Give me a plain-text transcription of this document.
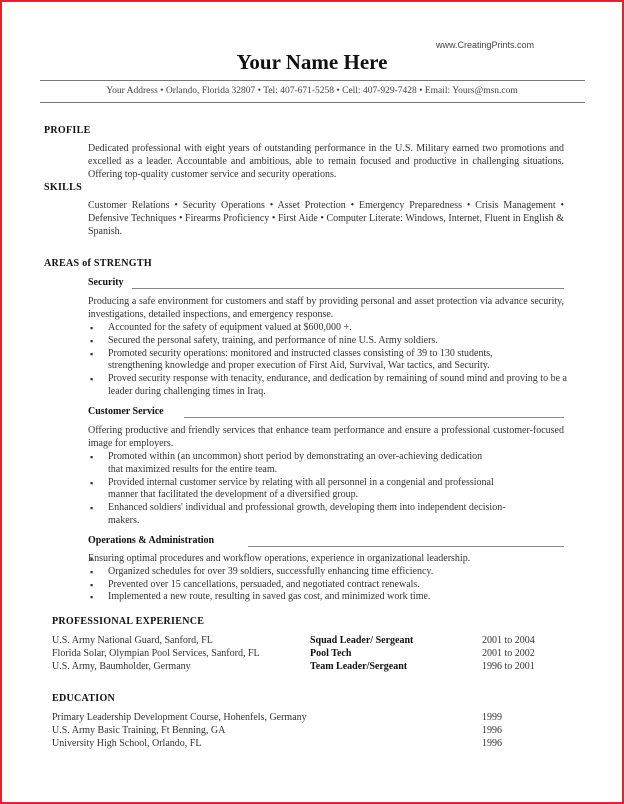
www.CreatingPrints.com
Your Name Here
Your Address • Orlando, Florida 32807 • Tel: 407-671-5258 • Cell: 407-929-7428 • Email: Yours@msn.com
PROFILE

Dedicated professional with eight years of outstanding performance in the U.S. Military earned two promotions and excelled as a leader. Accountable and ambitious, able to remain focused and productive in challenging situations. Offering top-quality customer service and security operations.

SKILLS

Customer Relations • Security Operations • Asset Protection • Emergency Preparedness • Crisis Management • Defensive Techniques • Firearms Proficiency • First Aide • Computer Literate: Windows, Internet, Fluent in English & Spanish.

AREAS of STRENGTH
Security

Producing a safe environment for customers and staff by providing personal and asset protection via advance security, investigations, detailed inspections, and emergency response.

▪ Accounted for the safety of equipment valued at $600,000 +.
▪ Secured the personal safety, training, and performance of nine U.S. Army soldiers.
▪ Promoted security operations: monitored and instructed classes consisting of 39 to 130 students, strengthening knowledge and proper execution of First Aid, Survival, War tactics, and Security.
▪ Proved security response with tenacity, endurance, and dedication by remaining of sound mind and proving to be a leader during challenging times in Iraq.
Customer Service

Offering productive and friendly services that enhance team performance and ensure a professional customer-focused image for employers.

▪ Promoted within (an uncommon) short period by demonstrating an over-achieving dedication that maximized results for the entire team.
▪ Provided internal customer service by relating with all personnel in a congenial and professional manner that facilitated the development of a diversified group.
▪ Enhanced soldiers' individual and professional growth, developing them into independent decision-makers.
Operations & Administration
▪ Ensuring optimal procedures and workflow operations, experience in organizational leadership.
▪ Organized schedules for over 39 soldiers, successfully enhancing time efficiency.
▪ Prevented over 15 cancellations, persuaded, and negotiated contract renewals.
▪ Implemented a new route, resulting in saved gas cost, and minimized work time.
PROFESSIONAL EXPERIENCE
U.S. Army National Guard, Sanford, FL	Squad Leader/ Sergeant	2001 to 2004
Florida Solar, Olympian Pool Services, Sanford, FL	Pool Tech	2001 to 2002
U.S. Army, Baumholder, Germany	Team Leader/Sergeant	1996 to 2001
EDUCATION
Primary Leadership Development Course, Hohenfels, Germany	1999
U.S. Army Basic Training, Ft Benning, GA	1996
University High School, Orlando, FL	1996
